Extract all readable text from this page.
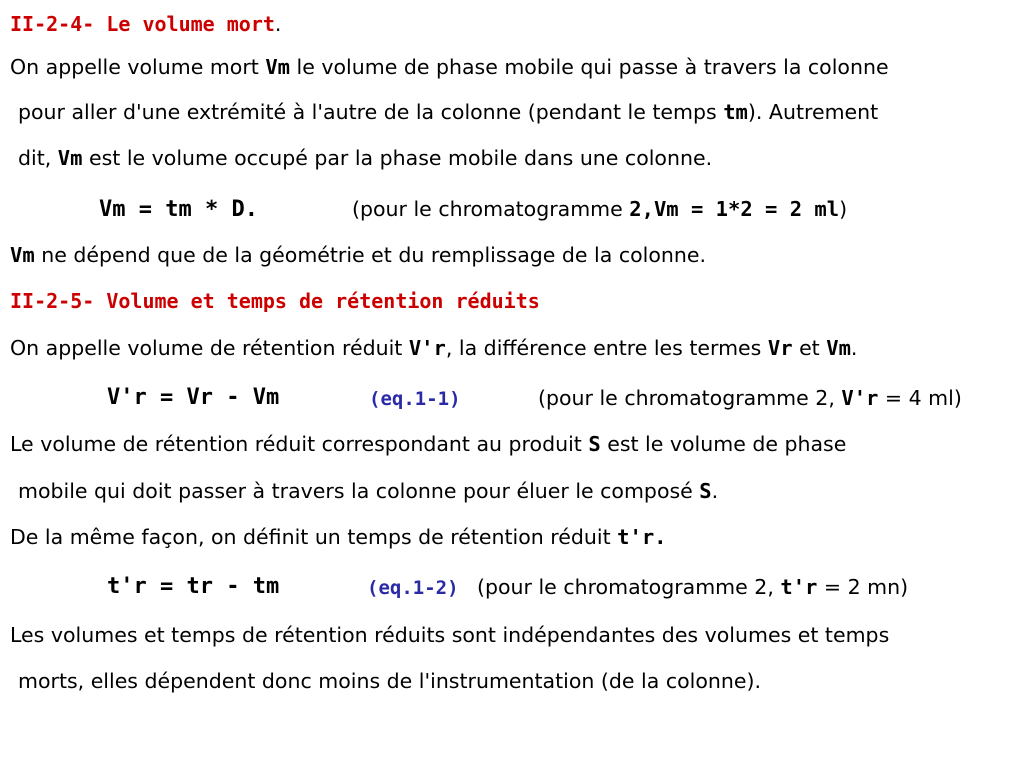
II-2-4- Le volume mort.
On appelle volume mort Vm le volume de phase mobile qui passe à travers la colonne
pour aller d'une extrémité à l'autre de la colonne (pendant le temps tm). Autrement
dit, Vm est le volume occupé par la phase mobile dans une colonne.
Vm = tm * D.	(pour le chromatogramme 2,Vm = 1*2 = 2 ml)
Vm ne dépend que de la géométrie et du remplissage de la colonne.
II-2-5- Volume et temps de rétention réduits
On appelle volume de rétention réduit V'r, la différence entre les termes Vr et Vm.
V'r = Vr - Vm	(eq.1-1)	(pour le chromatogramme 2, V'r = 4 ml)
Le volume de rétention réduit correspondant au produit S est le volume de phase
mobile qui doit passer à travers la colonne pour éluer le composé S.
De la même façon, on définit un temps de rétention réduit t'r.
t'r = tr - tm	(eq.1-2) (pour le chromatogramme 2, t'r = 2 mn)
Les volumes et temps de rétention réduits sont indépendantes des volumes et temps
morts, elles dépendent donc moins de l'instrumentation (de la colonne).
